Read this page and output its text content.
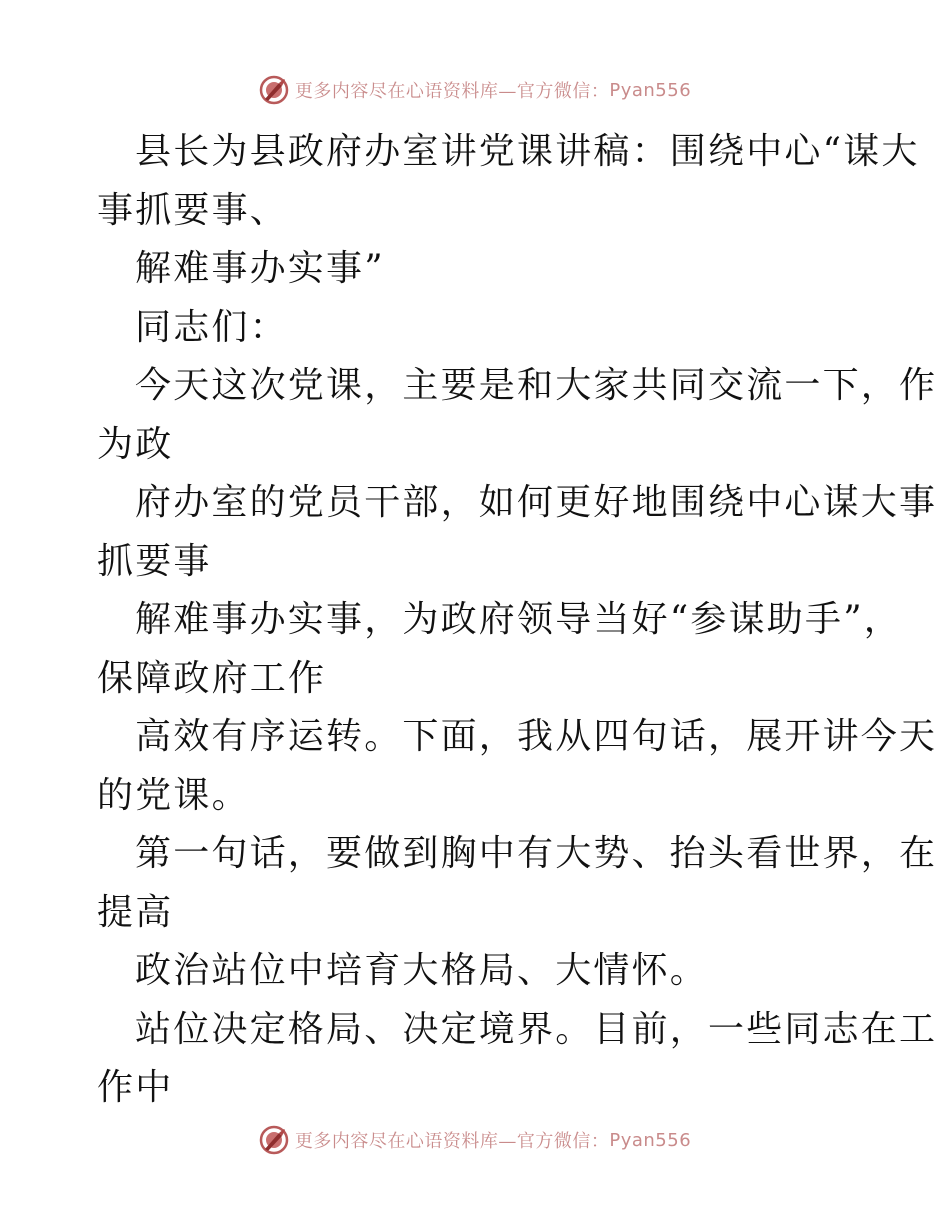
更多内容尽在心语资料库—官方微信： Pyan556
县长为县政府办室讲党课讲稿：围绕中心“谋大
事抓要事、
解难事办实事”
同志们：
今天这次党课，主要是和大家共同交流一下，作
为政
府办室的党员干部，如何更好地围绕中心谋大事
抓要事
解难事办实事，为政府领导当好“参谋助手”，
保障政府工作
高效有序运转。下面，我从四句话，展开讲今天
的党课。
第一句话，要做到胸中有大势、抬头看世界，在
提高
政治站位中培育大格局、大情怀。
站位决定格局、决定境界。目前，一些同志在工
作中
更多内容尽在心语资料库—官方微信： Pyan556
